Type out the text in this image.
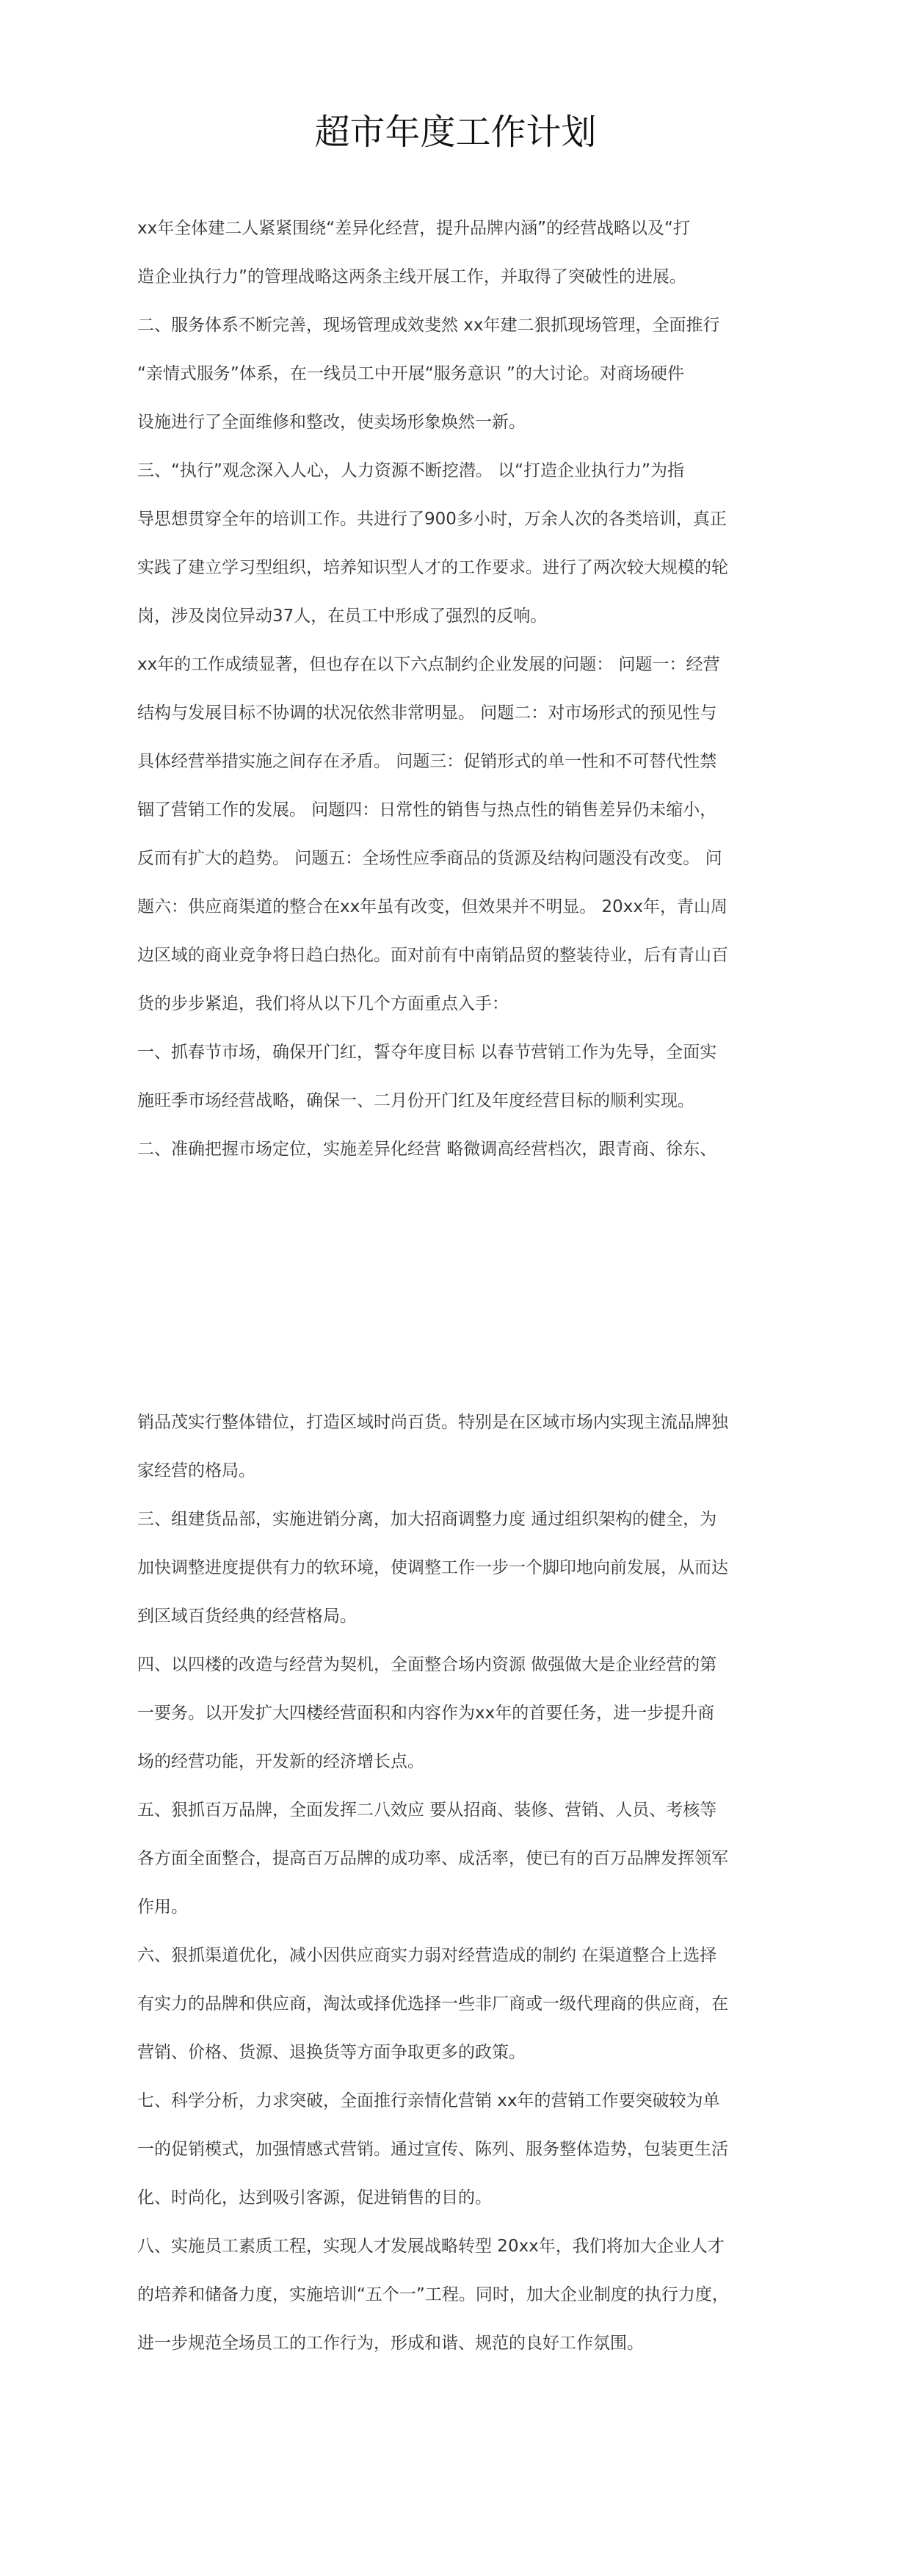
超市年度工作计划
xx年全体建二人紧紧围绕“差异化经营，提升品牌内涵”的经营战略以及“打
造企业执行力”的管理战略这两条主线开展工作，并取得了突破性的进展。
二、服务体系不断完善，现场管理成效斐然 xx年建二狠抓现场管理，全面推行
“亲情式服务”体系，在一线员工中开展“服务意识 ”的大讨论。对商场硬件
设施进行了全面维修和整改，使卖场形象焕然一新。
三、“执行”观念深入人心，人力资源不断挖潜。 以“打造企业执行力”为指
导思想贯穿全年的培训工作。共进行了900多小时，万余人次的各类培训，真正
实践了建立学习型组织，培养知识型人才的工作要求。进行了两次较大规模的轮
岗，涉及岗位异动37人，在员工中形成了强烈的反响。
xx年的工作成绩显著，但也存在以下六点制约企业发展的问题： 问题一：经营
结构与发展目标不协调的状况依然非常明显。 问题二：对市场形式的预见性与
具体经营举措实施之间存在矛盾。 问题三：促销形式的单一性和不可替代性禁
锢了营销工作的发展。 问题四：日常性的销售与热点性的销售差异仍未缩小，
反而有扩大的趋势。 问题五：全场性应季商品的货源及结构问题没有改变。 问
题六：供应商渠道的整合在xx年虽有改变，但效果并不明显。 20xx年，青山周
边区域的商业竞争将日趋白热化。面对前有中南销品贸的整装待业，后有青山百
货的步步紧追，我们将从以下几个方面重点入手：
一、抓春节市场，确保开门红，誓夺年度目标 以春节营销工作为先导，全面实
施旺季市场经营战略，确保一、二月份开门红及年度经营目标的顺利实现。
二、准确把握市场定位，实施差异化经营 略微调高经营档次，跟青商、徐东、
销品茂实行整体错位，打造区域时尚百货。特别是在区域市场内实现主流品牌独
家经营的格局。
三、组建货品部，实施进销分离，加大招商调整力度 通过组织架构的健全，为
加快调整进度提供有力的软环境，使调整工作一步一个脚印地向前发展，从而达
到区域百货经典的经营格局。
四、以四楼的改造与经营为契机，全面整合场内资源 做强做大是企业经营的第
一要务。以开发扩大四楼经营面积和内容作为xx年的首要任务，进一步提升商
场的经营功能，开发新的经济增长点。
五、狠抓百万品牌，全面发挥二八效应 要从招商、装修、营销、人员、考核等
各方面全面整合，提高百万品牌的成功率、成活率，使已有的百万品牌发挥领军
作用。
六、狠抓渠道优化，减小因供应商实力弱对经营造成的制约 在渠道整合上选择
有实力的品牌和供应商，淘汰或择优选择一些非厂商或一级代理商的供应商，在
营销、价格、货源、退换货等方面争取更多的政策。
七、科学分析，力求突破，全面推行亲情化营销 xx年的营销工作要突破较为单
一的促销模式，加强情感式营销。通过宣传、陈列、服务整体造势，包装更生活
化、时尚化，达到吸引客源，促进销售的目的。
八、实施员工素质工程，实现人才发展战略转型 20xx年，我们将加大企业人才
的培养和储备力度，实施培训“五个一”工程。同时，加大企业制度的执行力度，
进一步规范全场员工的工作行为，形成和谐、规范的良好工作氛围。
